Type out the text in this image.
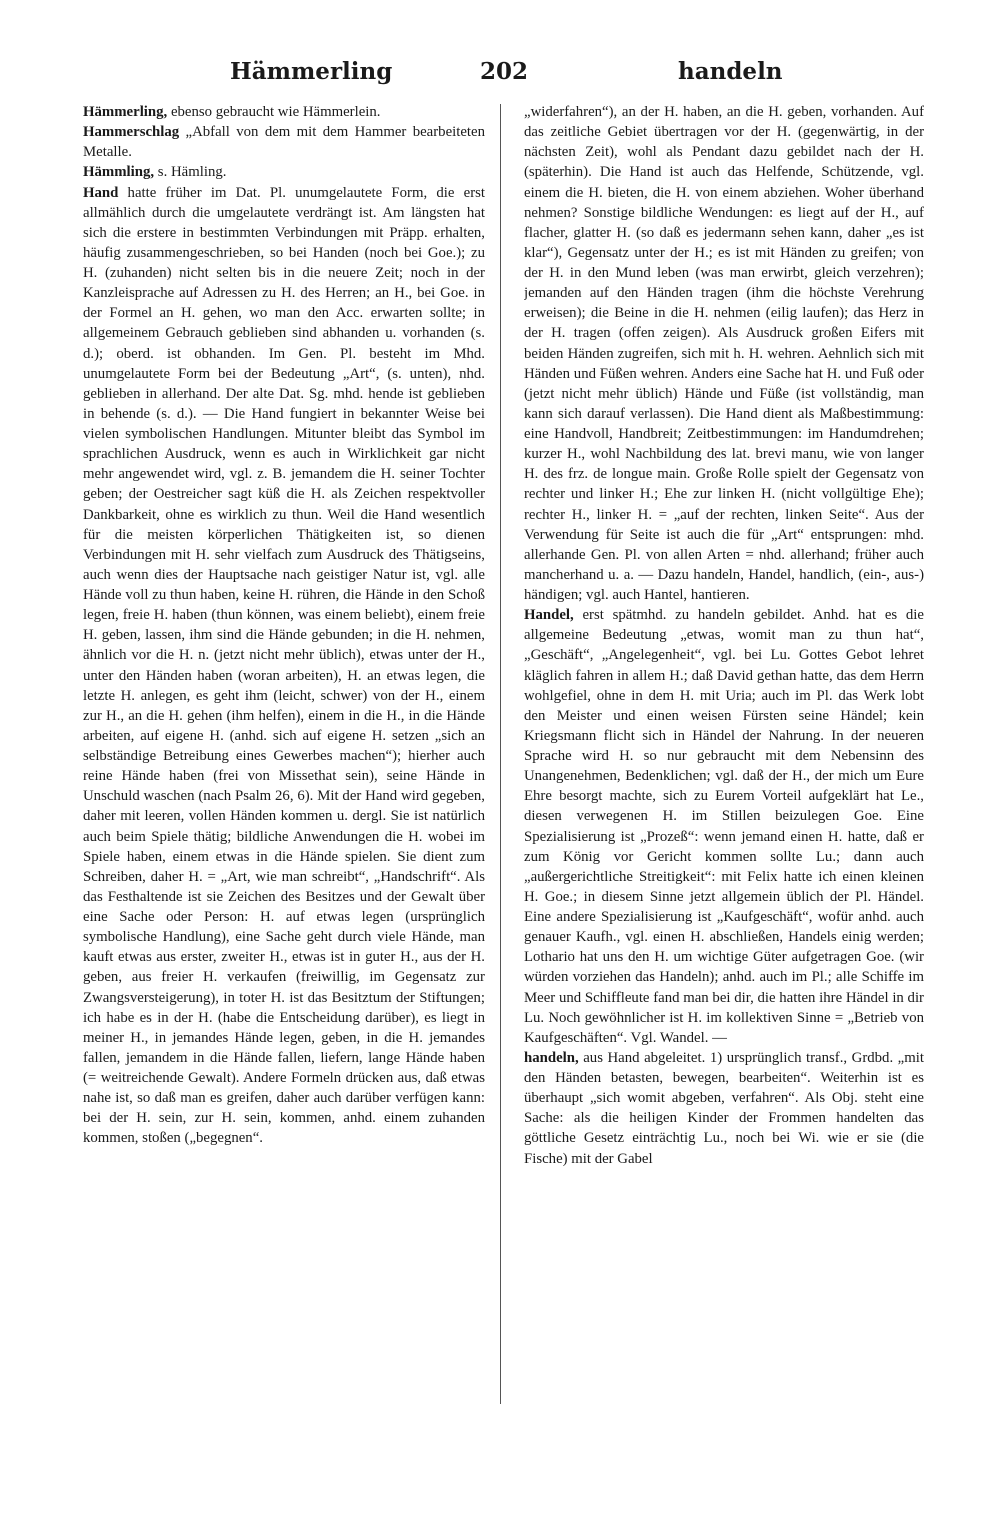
Hämmerling	202	handeln

Hämmerling, ebenso gebraucht wie Hämmerlein.

Hammerschlag „Abfall von dem mit dem Hammer bearbeiteten Metalle.

Hämmling, s. Hämling.

Hand hatte früher im Dat. Pl. unumgelautete Form, die erst allmählich durch die umgelautete verdrängt ist. Am längsten hat sich die erstere in bestimmten Verbindungen mit Präpp. erhalten, häufig zusammengeschrieben, so bei Handen (noch bei Goe.); zu H. (zuhanden) nicht selten bis in die neuere Zeit; noch in der Kanzleisprache auf Adressen zu H. des Herren; an H., bei Goe. in der Formel an H. gehen, wo man den Acc. erwarten sollte; in allgemeinem Gebrauch geblieben sind abhanden u. vorhanden (s. d.); oberd. ist obhanden. Im Gen. Pl. besteht im Mhd. unumgelautete Form bei der Bedeutung „Art“, (s. unten), nhd. geblieben in allerhand. Der alte Dat. Sg. mhd. hende ist geblieben in behende (s. d.). — Die Hand fungiert in bekannter Weise bei vielen symbolischen Handlungen. Mitunter bleibt das Symbol im sprachlichen Ausdruck, wenn es auch in Wirklichkeit gar nicht mehr angewendet wird, vgl. z. B. jemandem die H. seiner Tochter geben; der Oestreicher sagt küß die H. als Zeichen respektvoller Dankbarkeit, ohne es wirklich zu thun. Weil die Hand wesentlich für die meisten körperlichen Thätigkeiten ist, so dienen Verbindungen mit H. sehr vielfach zum Ausdruck des Thätigseins, auch wenn dies der Hauptsache nach geistiger Natur ist, vgl. alle Hände voll zu thun haben, keine H. rühren, die Hände in den Schoß legen, freie H. haben (thun können, was einem beliebt), einem freie H. geben, lassen, ihm sind die Hände gebunden; in die H. nehmen, ähnlich vor die H. n. (jetzt nicht mehr üblich), etwas unter der H., unter den Händen haben (woran arbeiten), H. an etwas legen, die letzte H. anlegen, es geht ihm (leicht, schwer) von der H., einem zur H., an die H. gehen (ihm helfen), einem in die H., in die Hände arbeiten, auf eigene H. (anhd. sich auf eigene H. setzen „sich an selbständige Betreibung eines Gewerbes machen“); hierher auch reine Hände haben (frei von Missethat sein), seine Hände in Unschuld waschen (nach Psalm 26, 6). Mit der Hand wird gegeben, daher mit leeren, vollen Händen kommen u. dergl. Sie ist natürlich auch beim Spiele thätig; bildliche Anwendungen die H. wobei im Spiele haben, einem etwas in die Hände spielen. Sie dient zum Schreiben, daher H. = „Art, wie man schreibt“, „Handschrift“. Als das Festhaltende ist sie Zeichen des Besitzes und der Gewalt über eine Sache oder Person: H. auf etwas legen (ursprünglich symbolische Handlung), eine Sache geht durch viele Hände, man kauft etwas aus erster, zweiter H., etwas ist in guter H., aus der H. geben, aus freier H. verkaufen (freiwillig, im Gegensatz zur Zwangsversteigerung), in toter H. ist das Besitztum der Stiftungen; ich habe es in der H. (habe die Entscheidung darüber), es liegt in meiner H., in jemandes Hände legen, geben, in die H. jemandes fallen, jemandem in die Hände fallen, liefern, lange Hände haben (= weitreichende Gewalt). Andere Formeln drücken aus, daß etwas nahe ist, so daß man es greifen, daher auch darüber verfügen kann: bei der H. sein, zur H. sein, kommen, anhd. einem zuhanden kommen, stoßen („begegnen“.

„widerfahren“), an der H. haben, an die H. geben, vorhanden. Auf das zeitliche Gebiet übertragen vor der H. (gegenwärtig, in der nächsten Zeit), wohl als Pendant dazu gebildet nach der H. (späterhin). Die Hand ist auch das Helfende, Schützende, vgl. einem die H. bieten, die H. von einem abziehen. Woher überhand nehmen? Sonstige bildliche Wendungen: es liegt auf der H., auf flacher, glatter H. (so daß es jedermann sehen kann, daher „es ist klar“), Gegensatz unter der H.; es ist mit Händen zu greifen; von der H. in den Mund leben (was man erwirbt, gleich verzehren); jemanden auf den Händen tragen (ihm die höchste Verehrung erweisen); die Beine in die H. nehmen (eilig laufen); das Herz in der H. tragen (offen zeigen). Als Ausdruck großen Eifers mit beiden Händen zugreifen, sich mit h. H. wehren. Aehnlich sich mit Händen und Füßen wehren. Anders eine Sache hat H. und Fuß oder (jetzt nicht mehr üblich) Hände und Füße (ist vollständig, man kann sich darauf verlassen). Die Hand dient als Maßbestimmung: eine Handvoll, Handbreit; Zeitbestimmungen: im Handumdrehen; kurzer H., wohl Nachbildung des lat. brevi manu, wie von langer H. des frz. de longue main. Große Rolle spielt der Gegensatz von rechter und linker H.; Ehe zur linken H. (nicht vollgültige Ehe); rechter H., linker H. = „auf der rechten, linken Seite“. Aus der Verwendung für Seite ist auch die für „Art“ entsprungen: mhd. allerhande Gen. Pl. von allen Arten = nhd. allerhand; früher auch mancherhand u. a. — Dazu handeln, Handel, handlich, (ein-, aus-) händigen; vgl. auch Hantel, hantieren.

Handel, erst spätmhd. zu handeln gebildet. Anhd. hat es die allgemeine Bedeutung „etwas, womit man zu thun hat“, „Geschäft“, „Angelegenheit“, vgl. bei Lu. Gottes Gebot lehret kläglich fahren in allem H.; daß David gethan hatte, das dem Herrn wohlgefiel, ohne in dem H. mit Uria; auch im Pl. das Werk lobt den Meister und einen weisen Fürsten seine Händel; kein Kriegsmann flicht sich in Händel der Nahrung. In der neueren Sprache wird H. so nur gebraucht mit dem Nebensinn des Unangenehmen, Bedenklichen; vgl. daß der H., der mich um Eure Ehre besorgt machte, sich zu Eurem Vorteil aufgeklärt hat Le., diesen verwegenen H. im Stillen beizulegen Goe. Eine Spezialisierung ist „Prozeß“: wenn jemand einen H. hatte, daß er zum König vor Gericht kommen sollte Lu.; dann auch „außergerichtliche Streitigkeit“: mit Felix hatte ich einen kleinen H. Goe.; in diesem Sinne jetzt allgemein üblich der Pl. Händel. Eine andere Spezialisierung ist „Kaufgeschäft“, wofür anhd. auch genauer Kaufh., vgl. einen H. abschließen, Handels einig werden; Lothario hat uns den H. um wichtige Güter aufgetragen Goe. (wir würden vorziehen das Handeln); anhd. auch im Pl.; alle Schiffe im Meer und Schiffleute fand man bei dir, die hatten ihre Händel in dir Lu. Noch gewöhnlicher ist H. im kollektiven Sinne = „Betrieb von Kaufgeschäften“. Vgl. Wandel. —

handeln, aus Hand abgeleitet. 1) ursprünglich transf., Grdbd. „mit den Händen betasten, bewegen, bearbeiten“. Weiterhin ist es überhaupt „sich womit abgeben, verfahren“. Als Obj. steht eine Sache: als die heiligen Kinder der Frommen handelten das göttliche Gesetz einträchtig Lu., noch bei Wi. wie er sie (die Fische) mit der Gabel
